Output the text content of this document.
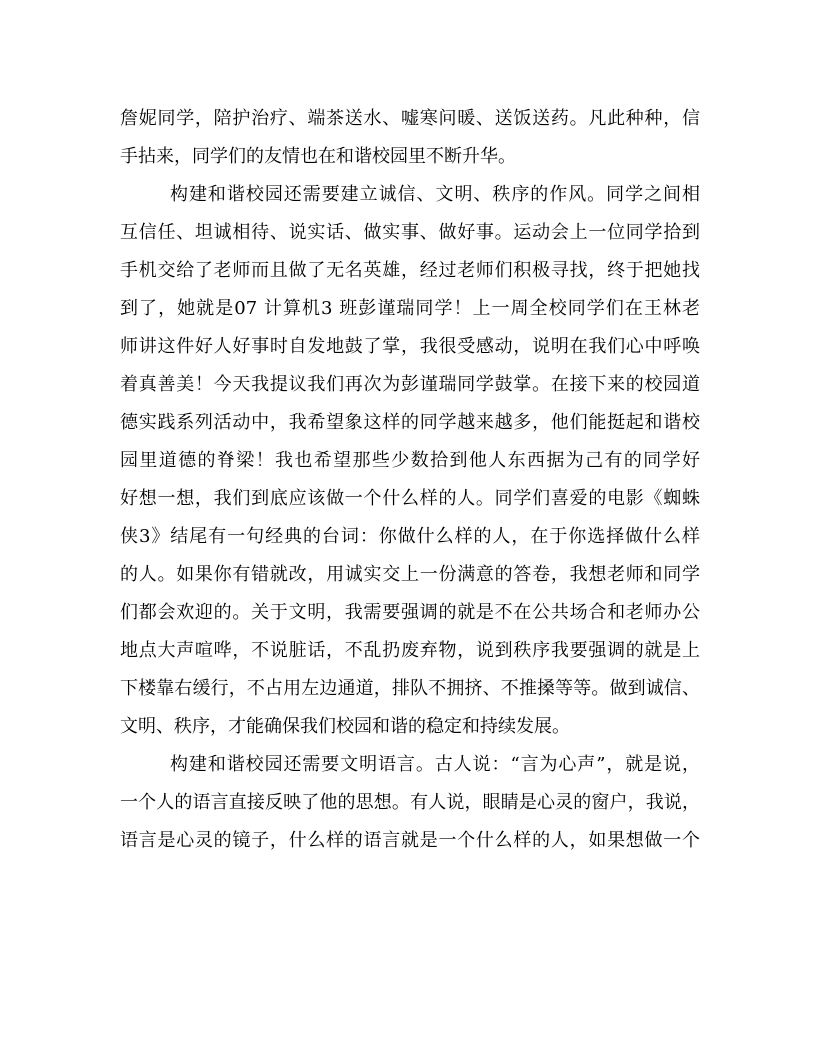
詹妮同学，陪护治疗、端茶送水、嘘寒问暖、送饭送药。凡此种种，信
手拈来，同学们的友情也在和谐校园里不断升华。
构建和谐校园还需要建立诚信、文明、秩序的作风。同学之间相
互信任、坦诚相待、说实话、做实事、做好事。运动会上一位同学拾到
手机交给了老师而且做了无名英雄，经过老师们积极寻找，终于把她找
到了，她就是07 计算机3 班彭谨瑞同学！上一周全校同学们在王林老
师讲这件好人好事时自发地鼓了掌，我很受感动，说明在我们心中呼唤
着真善美！今天我提议我们再次为彭谨瑞同学鼓掌。在接下来的校园道
德实践系列活动中，我希望象这样的同学越来越多，他们能挺起和谐校
园里道德的脊梁！我也希望那些少数拾到他人东西据为己有的同学好
好想一想，我们到底应该做一个什么样的人。同学们喜爱的电影《蜘蛛
侠3》结尾有一句经典的台词：你做什么样的人，在于你选择做什么样
的人。如果你有错就改，用诚实交上一份满意的答卷，我想老师和同学
们都会欢迎的。关于文明，我需要强调的就是不在公共场合和老师办公
地点大声喧哗，不说脏话，不乱扔废弃物，说到秩序我要强调的就是上
下楼靠右缓行，不占用左边通道，排队不拥挤、不推搡等等。做到诚信、
文明、秩序，才能确保我们校园和谐的稳定和持续发展。
构建和谐校园还需要文明语言。古人说：“言为心声”，就是说，
一个人的语言直接反映了他的思想。有人说，眼睛是心灵的窗户，我说，
语言是心灵的镜子，什么样的语言就是一个什么样的人，如果想做一个
